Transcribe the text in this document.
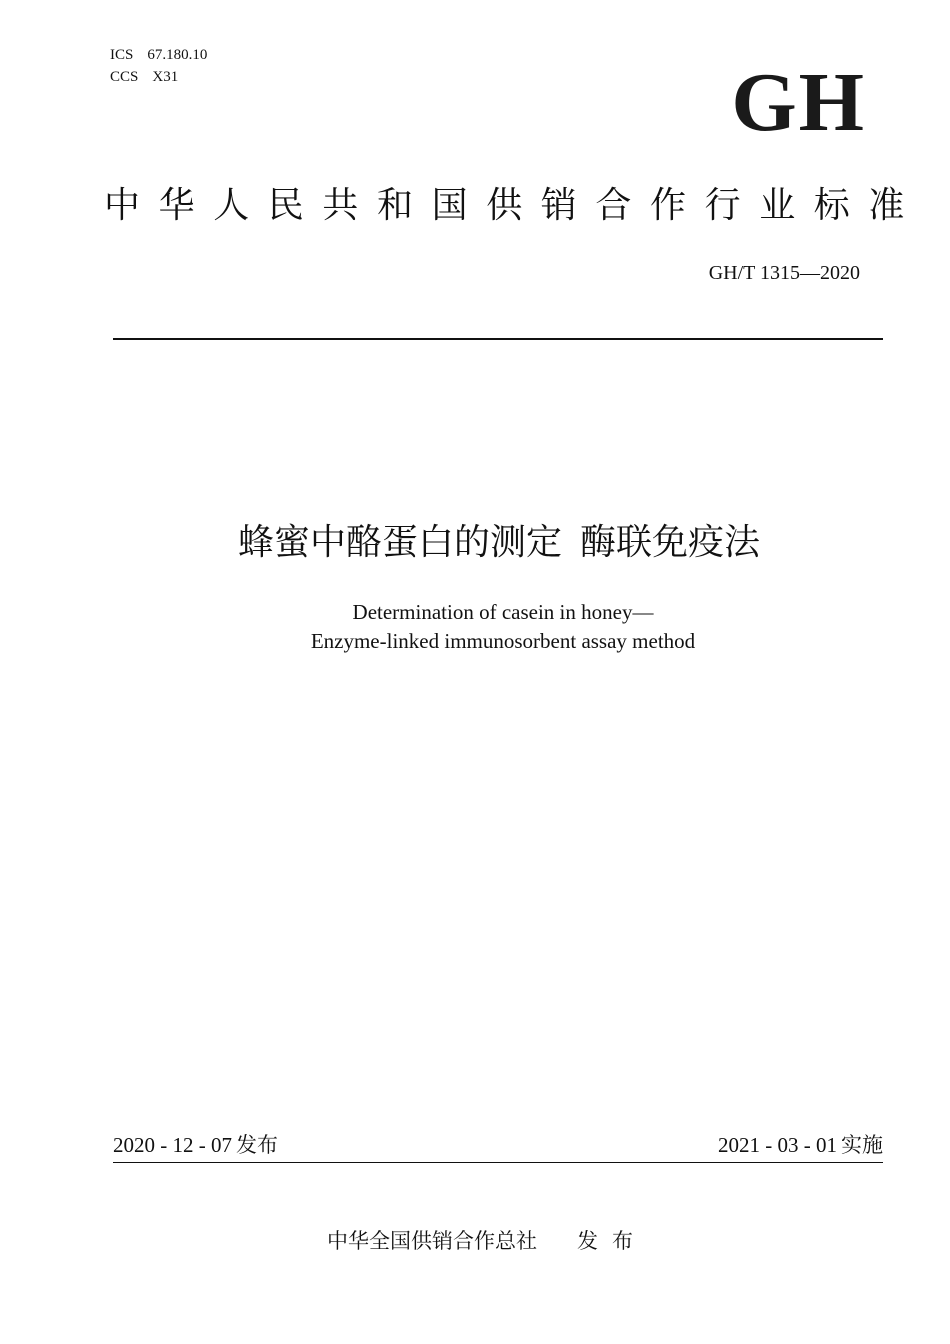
ICS 67.180.10
CCS X31	GH
中华人民共和国供销合作行业标准
GH/T 1315—2020
蜂蜜中酪蛋白的测定 酶联免疫法
Determination of casein in honey—
Enzyme-linked immunosorbent assay method
2020 - 12 - 07 发布	2021 - 03 - 01 实施
中华全国供销合作总社 发布
